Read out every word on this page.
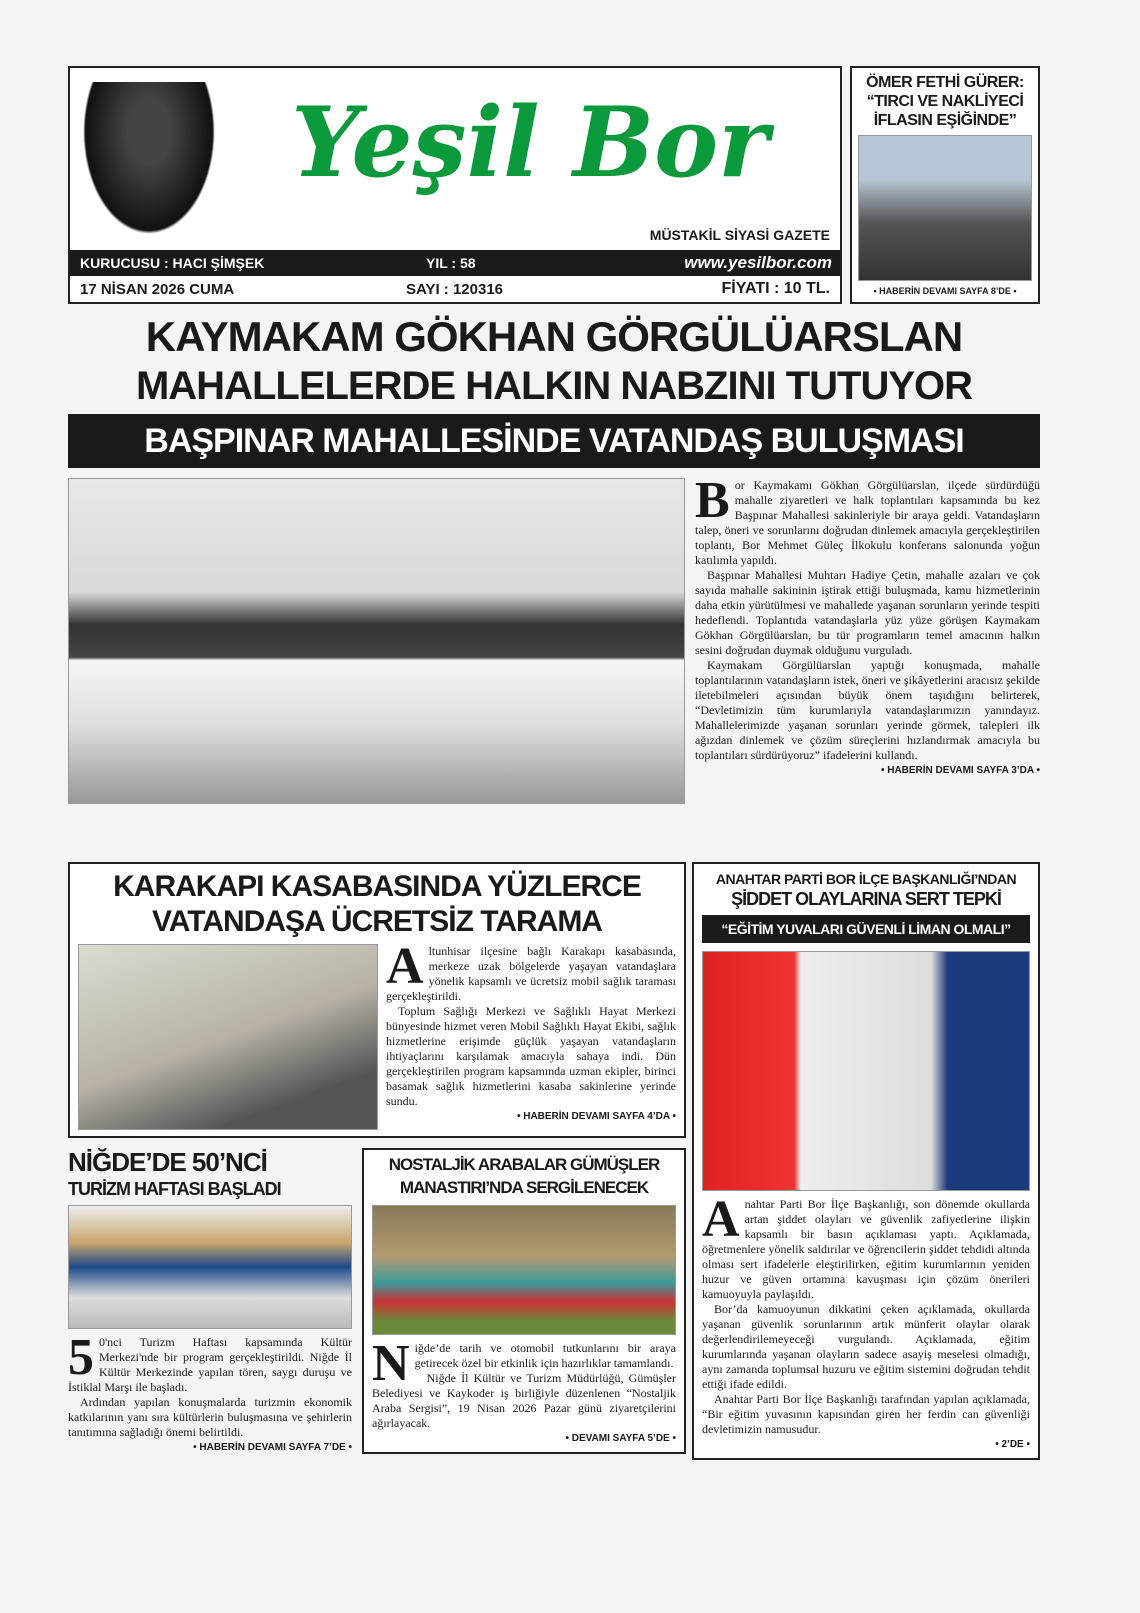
Yeşil Bor
MÜSTAKİL SİYASİ GAZETE
KURUCUSU : HACI ŞİMŞEK	YIL : 58	www.yesilbor.com
17 NİSAN 2026 CUMA	SAYI : 120316	FİYATI : 10 TL.
ÖMER FETHİ GÜRER: “TIRCI VE NAKLİYECİ İFLASIN EŞİĞİNDE”
• HABERİN DEVAMI SAYFA 8’DE •
KAYMAKAM GÖKHAN GÖRGÜLÜARSLAN
MAHALLELERDE HALKIN NABZINI TUTUYOR
BAŞPINAR MAHALLESİNDE VATANDAŞ BULUŞMASI

Bor Kaymakamı Gökhan Görgülüarslan, ilçede sürdürdüğü mahalle ziyaretleri ve halk toplantıları kapsamında bu kez Başpınar Mahallesi sakinleriyle bir araya geldi. Vatandaşların talep, öneri ve sorunlarını doğrudan dinlemek amacıyla gerçekleştirilen toplantı, Bor Mehmet Güleç İlkokulu konferans salonunda yoğun katılımla yapıldı.

Başpınar Mahallesi Muhtarı Hadiye Çetin, mahalle azaları ve çok sayıda mahalle sakininin iştirak ettiği buluşmada, kamu hizmetlerinin daha etkin yürütülmesi ve mahallede yaşanan sorunların yerinde tespiti hedeflendi. Toplantıda vatandaşlarla yüz yüze görüşen Kaymakam Gökhan Görgülüarslan, bu tür programların temel amacının halkın sesini doğrudan duymak olduğunu vurguladı.

Kaymakam Görgülüarslan yaptığı konuşmada, mahalle toplantılarının vatandaşların istek, öneri ve şikâyetlerini aracısız şekilde iletebilmeleri açısından büyük önem taşıdığını belirterek, “Devletimizin tüm kurumlarıyla vatandaşlarımızın yanındayız. Mahallelerimizde yaşanan sorunları yerinde görmek, talepleri ilk ağızdan dinlemek ve çözüm süreçlerini hızlandırmak amacıyla bu toplantıları sürdürüyoruz” ifadelerini kullandı.

• HABERİN DEVAMI SAYFA 3’DA •
KARAKAPI KASABASINDA YÜZLERCE
VATANDAŞA ÜCRETSİZ TARAMA

Altunhisar ilçesine bağlı Karakapı kasabasında, merkeze uzak bölgelerde yaşayan vatandaşlara yönelik kapsamlı ve ücretsiz mobil sağlık taraması gerçekleştirildi.

Toplum Sağlığı Merkezi ve Sağlıklı Hayat Merkezi bünyesinde hizmet veren Mobil Sağlıklı Hayat Ekibi, sağlık hizmetlerine erişimde güçlük yaşayan vatandaşların ihtiyaçlarını karşılamak amacıyla sahaya indi. Dün gerçekleştirilen program kapsamında uzman ekipler, birinci basamak sağlık hizmetlerini kasaba sakinlerine yerinde sundu.

• HABERİN DEVAMI SAYFA 4’DA •
NİĞDE’DE 50’NCİ
TURİZM HAFTASI BAŞLADI

5 0'nci Turizm Haftası kapsamında Kültür Merkezi'nde bir program gerçekleştirildi. Niğde İl Kültür Merkezinde yapılan tören, saygı duruşu ve İstiklal Marşı ile başladı.

Ardından yapılan konuşmalarda turizmin ekonomik katkılarının yanı sıra kültürlerin buluşmasına ve şehirlerin tanıtımına sağladığı önemi belirtildi.

• HABERİN DEVAMI SAYFA 7’DE •
NOSTALJİK ARABALAR GÜMÜŞLER
MANASTIRI’NDA SERGİLENECEK

Niğde’de tarih ve otomobil tutkunlarını bir araya getirecek özel bir etkinlik için hazırlıklar tamamlandı.

Niğde İl Kültür ve Turizm Müdürlüğü, Gümüşler Belediyesi ve Kaykoder iş birliğiyle düzenlenen “Nostaljik Araba Sergisi”, 19 Nisan 2026 Pazar günü ziyaretçilerini ağırlayacak.

• DEVAMI SAYFA 5’DE •
ANAHTAR PARTİ BOR İLÇE BAŞKANLIĞI’NDAN
ŞİDDET OLAYLARINA SERT TEPKİ
“EĞİTİM YUVALARI GÜVENLİ LİMAN OLMALI”

Anahtar Parti Bor İlçe Başkanlığı, son dönemde okullarda artan şiddet olayları ve güvenlik zafiyetlerine ilişkin kapsamlı bir basın açıklaması yaptı. Açıklamada, öğretmenlere yönelik saldırılar ve öğrencilerin şiddet tehdidi altında olması sert ifadelerle eleştirilirken, eğitim kurumlarının yeniden huzur ve güven ortamına kavuşması için çözüm önerileri kamuoyuyla paylaşıldı.

Bor’da kamuoyunun dikkatini çeken açıklamada, okullarda yaşanan güvenlik sorunlarının artık münferit olaylar olarak değerlendirilemeyeceği vurgulandı. Açıklamada, eğitim kurumlarında yaşanan olayların sadece asayiş meselesi olmadığı, aynı zamanda toplumsal huzuru ve eğitim sistemini doğrudan tehdit ettiği ifade edildi.

Anahtar Parti Bor İlçe Başkanlığı tarafından yapılan açıklamada, “Bir eğitim yuvasının kapısından giren her ferdin can güvenliği devletimizin namusudur.

• 2’DE •
